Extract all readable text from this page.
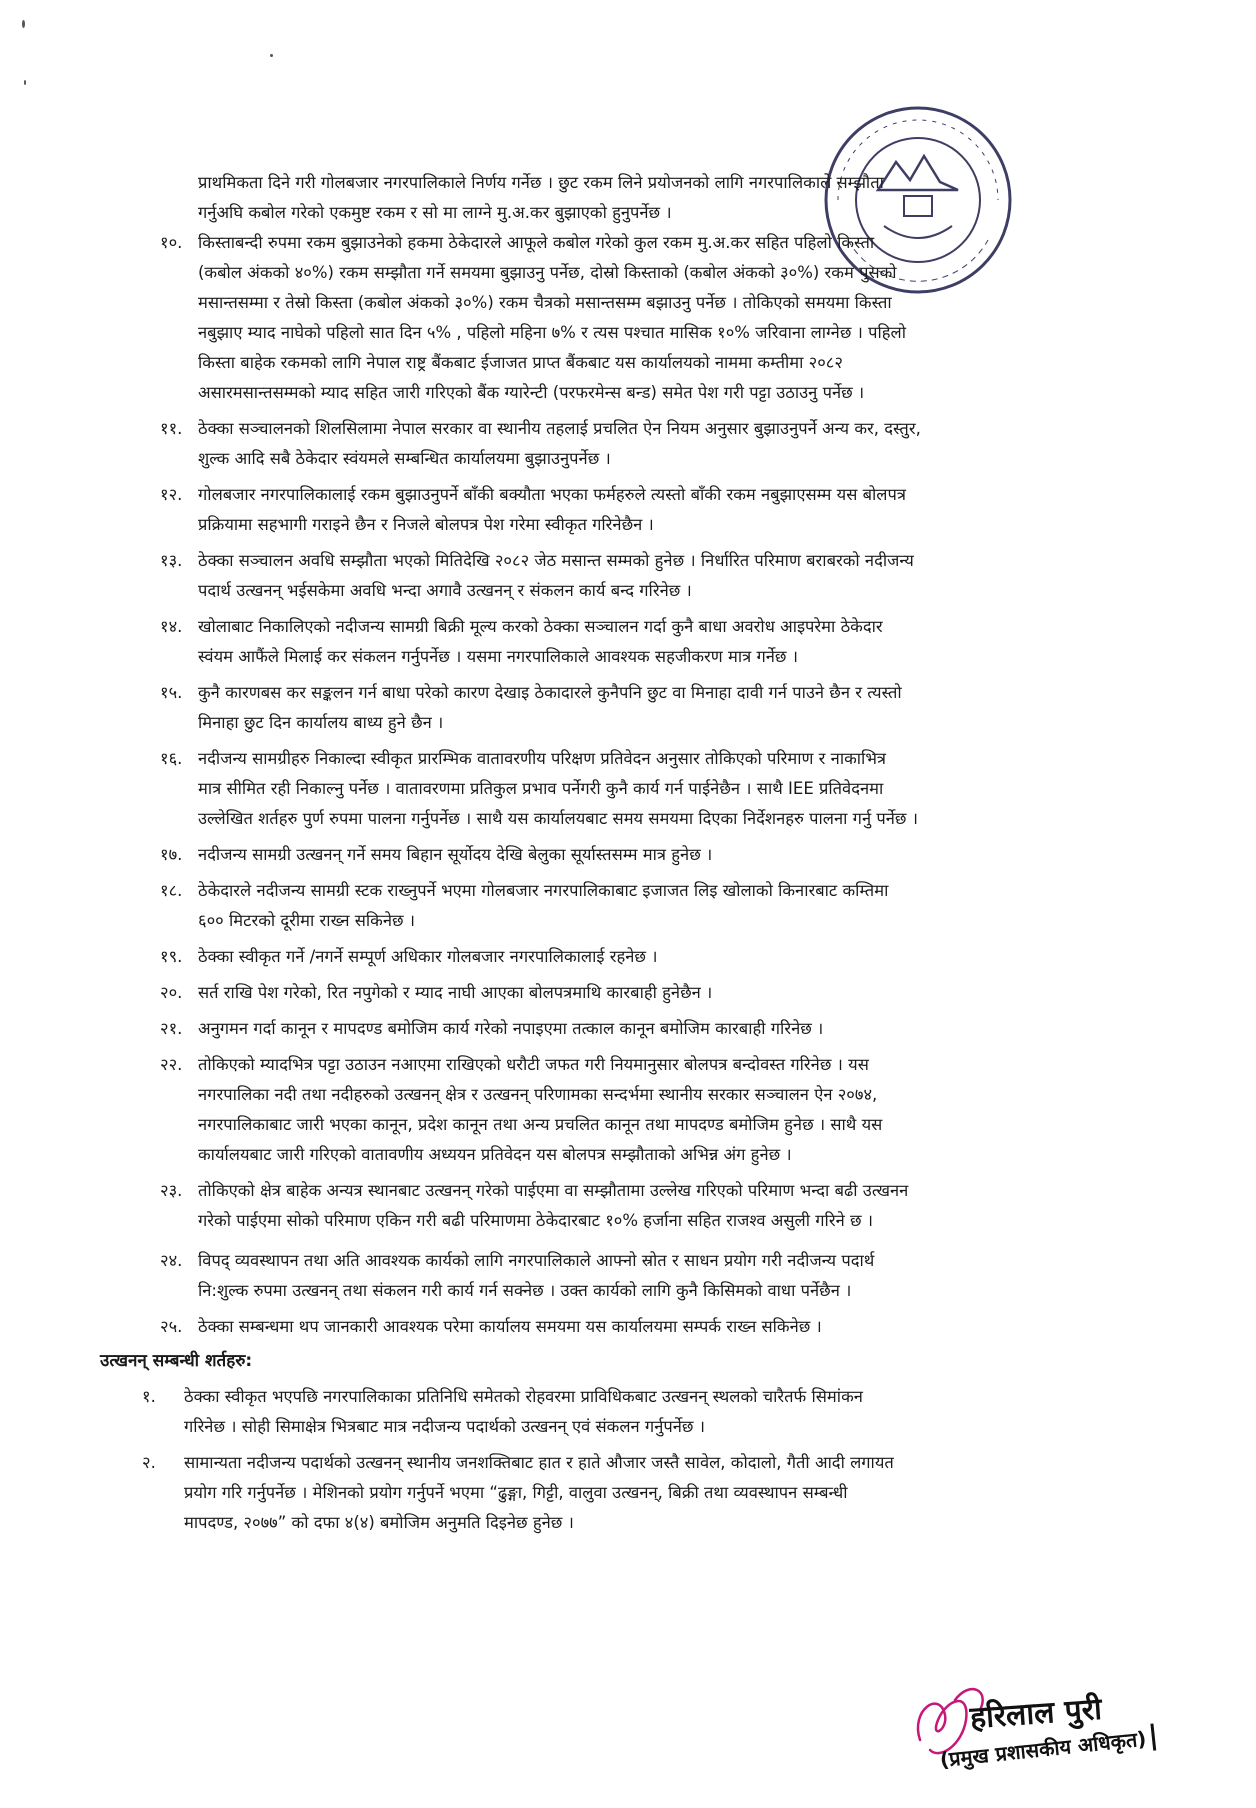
प्राथमिकता दिने गरी गोलबजार नगरपालिकाले निर्णय गर्नेछ । छुट रकम लिने प्रयोजनको लागि नगरपालिकाले सम्झौता
गर्नुअघि कबोल गरेको एकमुष्ट रकम र सो मा लाग्ने मु.अ.कर बुझाएको हुनुपर्नेछ ।
१०. किस्ताबन्दी रुपमा रकम बुझाउनेको हकमा ठेकेदारले आफूले कबोल गरेको कुल रकम मु.अ.कर सहित पहिलो किस्ता
(कबोल अंकको ४०%) रकम सम्झौता गर्ने समयमा बुझाउनु पर्नेछ, दोस्रो किस्ताको (कबोल अंकको ३०%) रकम पुसको
मसान्तसम्मा र तेस्रो किस्ता (कबोल अंकको ३०%) रकम चैत्रको मसान्तसम्म बझाउनु पर्नेछ । तोकिएको समयमा किस्ता
नबुझाए म्याद नाघेको पहिलो सात दिन ५% , पहिलो महिना ७% र त्यस पश्चात मासिक १०% जरिवाना लाग्नेछ । पहिलो
किस्ता बाहेक रकमको लागि नेपाल राष्ट्र बैंकबाट ईजाजत प्राप्त बैंकबाट यस कार्यालयको नाममा कम्तीमा २०८२
असारमसान्तसम्मको म्याद सहित जारी गरिएको बैंक ग्यारेन्टी (परफरमेन्स बन्ड) समेत पेश गरी पट्टा उठाउनु पर्नेछ ।
११. ठेक्का सञ्चालनको शिलसिलामा नेपाल सरकार वा स्थानीय तहलाई प्रचलित ऐन नियम अनुसार बुझाउनुपर्ने अन्य कर, दस्तुर,
शुल्क आदि सबै ठेकेदार स्वंयमले सम्बन्धित कार्यालयमा बुझाउनुपर्नेछ ।
१२. गोलबजार नगरपालिकालाई रकम बुझाउनुपर्ने बाँकी बक्यौता भएका फर्महरुले त्यस्तो बाँकी रकम नबुझाएसम्म यस बोलपत्र
प्रक्रियामा सहभागी गराइने छैन र निजले बोलपत्र पेश गरेमा स्वीकृत गरिनेछैन ।
१३. ठेक्का सञ्चालन अवधि सम्झौता भएको मितिदेखि २०८२ जेठ मसान्त सम्मको हुनेछ । निर्धारित परिमाण बराबरको नदीजन्य
पदार्थ उत्खनन् भईसकेमा अवधि भन्दा अगावै उत्खनन् र संकलन कार्य बन्द गरिनेछ ।
१४. खोलाबाट निकालिएको नदीजन्य सामग्री बिक्री मूल्य करको ठेक्का सञ्चालन गर्दा कुनै बाधा अवरोध आइपरेमा ठेकेदार
स्वंयम आफैंले मिलाई कर संकलन गर्नुपर्नेछ । यसमा नगरपालिकाले आवश्यक सहजीकरण मात्र गर्नेछ ।
१५. कुनै कारणबस कर सङ्कलन गर्न बाधा परेको कारण देखाइ ठेकादारले कुनैपनि छुट वा मिनाहा दावी गर्न पाउने छैन र त्यस्तो
मिनाहा छुट दिन कार्यालय बाध्य हुने छैन ।
१६. नदीजन्य सामग्रीहरु निकाल्दा स्वीकृत प्रारम्भिक वातावरणीय परिक्षण प्रतिवेदन अनुसार तोकिएको परिमाण र नाकाभित्र
मात्र सीमित रही निकाल्नु पर्नेछ । वातावरणमा प्रतिकुल प्रभाव पर्नेगरी कुनै कार्य गर्न पाईनेछैन । साथै IEE प्रतिवेदनमा
उल्लेखित शर्तहरु पुर्ण रुपमा पालना गर्नुपर्नेछ । साथै यस कार्यालयबाट समय समयमा दिएका निर्देशनहरु पालना गर्नु पर्नेछ ।
१७. नदीजन्य सामग्री उत्खनन् गर्ने समय बिहान सूर्योदय देखि बेलुका सूर्यास्तसम्म मात्र हुनेछ ।
१८. ठेकेदारले नदीजन्य सामग्री स्टक राख्नुपर्ने भएमा गोलबजार नगरपालिकाबाट इजाजत लिइ खोलाको किनारबाट कम्तिमा
६०० मिटरको दूरीमा राख्न सकिनेछ ।
१९. ठेक्का स्वीकृत गर्ने /नगर्ने सम्पूर्ण अधिकार गोलबजार नगरपालिकालाई रहनेछ ।
२०. सर्त राखि पेश गरेको, रित नपुगेको र म्याद नाघी आएका बोलपत्रमाथि कारबाही हुनेछैन ।
२१. अनुगमन गर्दा कानून र मापदण्ड बमोजिम कार्य गरेको नपाइएमा तत्काल कानून बमोजिम कारबाही गरिनेछ ।
२२. तोकिएको म्यादभित्र पट्टा उठाउन नआएमा राखिएको धरौटी जफत गरी नियमानुसार बोलपत्र बन्दोवस्त गरिनेछ । यस
नगरपालिका नदी तथा नदीहरुको उत्खनन् क्षेत्र र उत्खनन् परिणामका सन्दर्भमा स्थानीय सरकार सञ्चालन ऐन २०७४,
नगरपालिकाबाट जारी भएका कानून, प्रदेश कानून तथा अन्य प्रचलित कानून तथा मापदण्ड बमोजिम हुनेछ । साथै यस
कार्यालयबाट जारी गरिएको वातावणीय अध्ययन प्रतिवेदन यस बोलपत्र सम्झौताको अभिन्न अंग हुनेछ ।
२३. तोकिएको क्षेत्र बाहेक अन्यत्र स्थानबाट उत्खनन् गरेको पाईएमा वा सम्झौतामा उल्लेख गरिएको परिमाण भन्दा बढी उत्खनन
गरेको पाईएमा सोको परिमाण एकिन गरी बढी परिमाणमा ठेकेदारबाट १०% हर्जाना सहित राजश्व असुली गरिने छ ।
२४. विपद् व्यवस्थापन तथा अति आवश्यक कार्यको लागि नगरपालिकाले आफ्नो स्रोत र साधन प्रयोग गरी नदीजन्य पदार्थ
नि:शुल्क रुपमा उत्खनन् तथा संकलन गरी कार्य गर्न सक्नेछ । उक्त कार्यको लागि कुनै किसिमको वाधा पर्नेछैन ।
२५. ठेक्का सम्बन्धमा थप जानकारी आवश्यक परेमा कार्यालय समयमा यस कार्यालयमा सम्पर्क राख्न सकिनेछ ।
उत्खनन् सम्बन्धी शर्तहरु:
१.	ठेक्का स्वीकृत भएपछि नगरपालिकाका प्रतिनिधि समेतको रोहवरमा प्राविधिकबाट उत्खनन् स्थलको चारैतर्फ सिमांकन
गरिनेछ । सोही सिमाक्षेत्र भित्रबाट मात्र नदीजन्य पदार्थको उत्खनन् एवं संकलन गर्नुपर्नेछ ।
२.	सामान्यता नदीजन्य पदार्थको उत्खनन् स्थानीय जनशक्तिबाट हात र हाते औजार जस्तै सावेल, कोदालो, गैती आदी लगायत
प्रयोग गरि गर्नुपर्नेछ । मेशिनको प्रयोग गर्नुपर्ने भएमा “ढुङ्गा, गिट्टी, वालुवा उत्खनन्, बिक्री तथा व्यवस्थापन सम्बन्धी
मापदण्ड, २०७७” को दफा ४(४) बमोजिम अनुमति दिइनेछ हुनेछ ।
हरिलाल पुरी
(प्रमुख प्रशासकीय अधिकृत)
